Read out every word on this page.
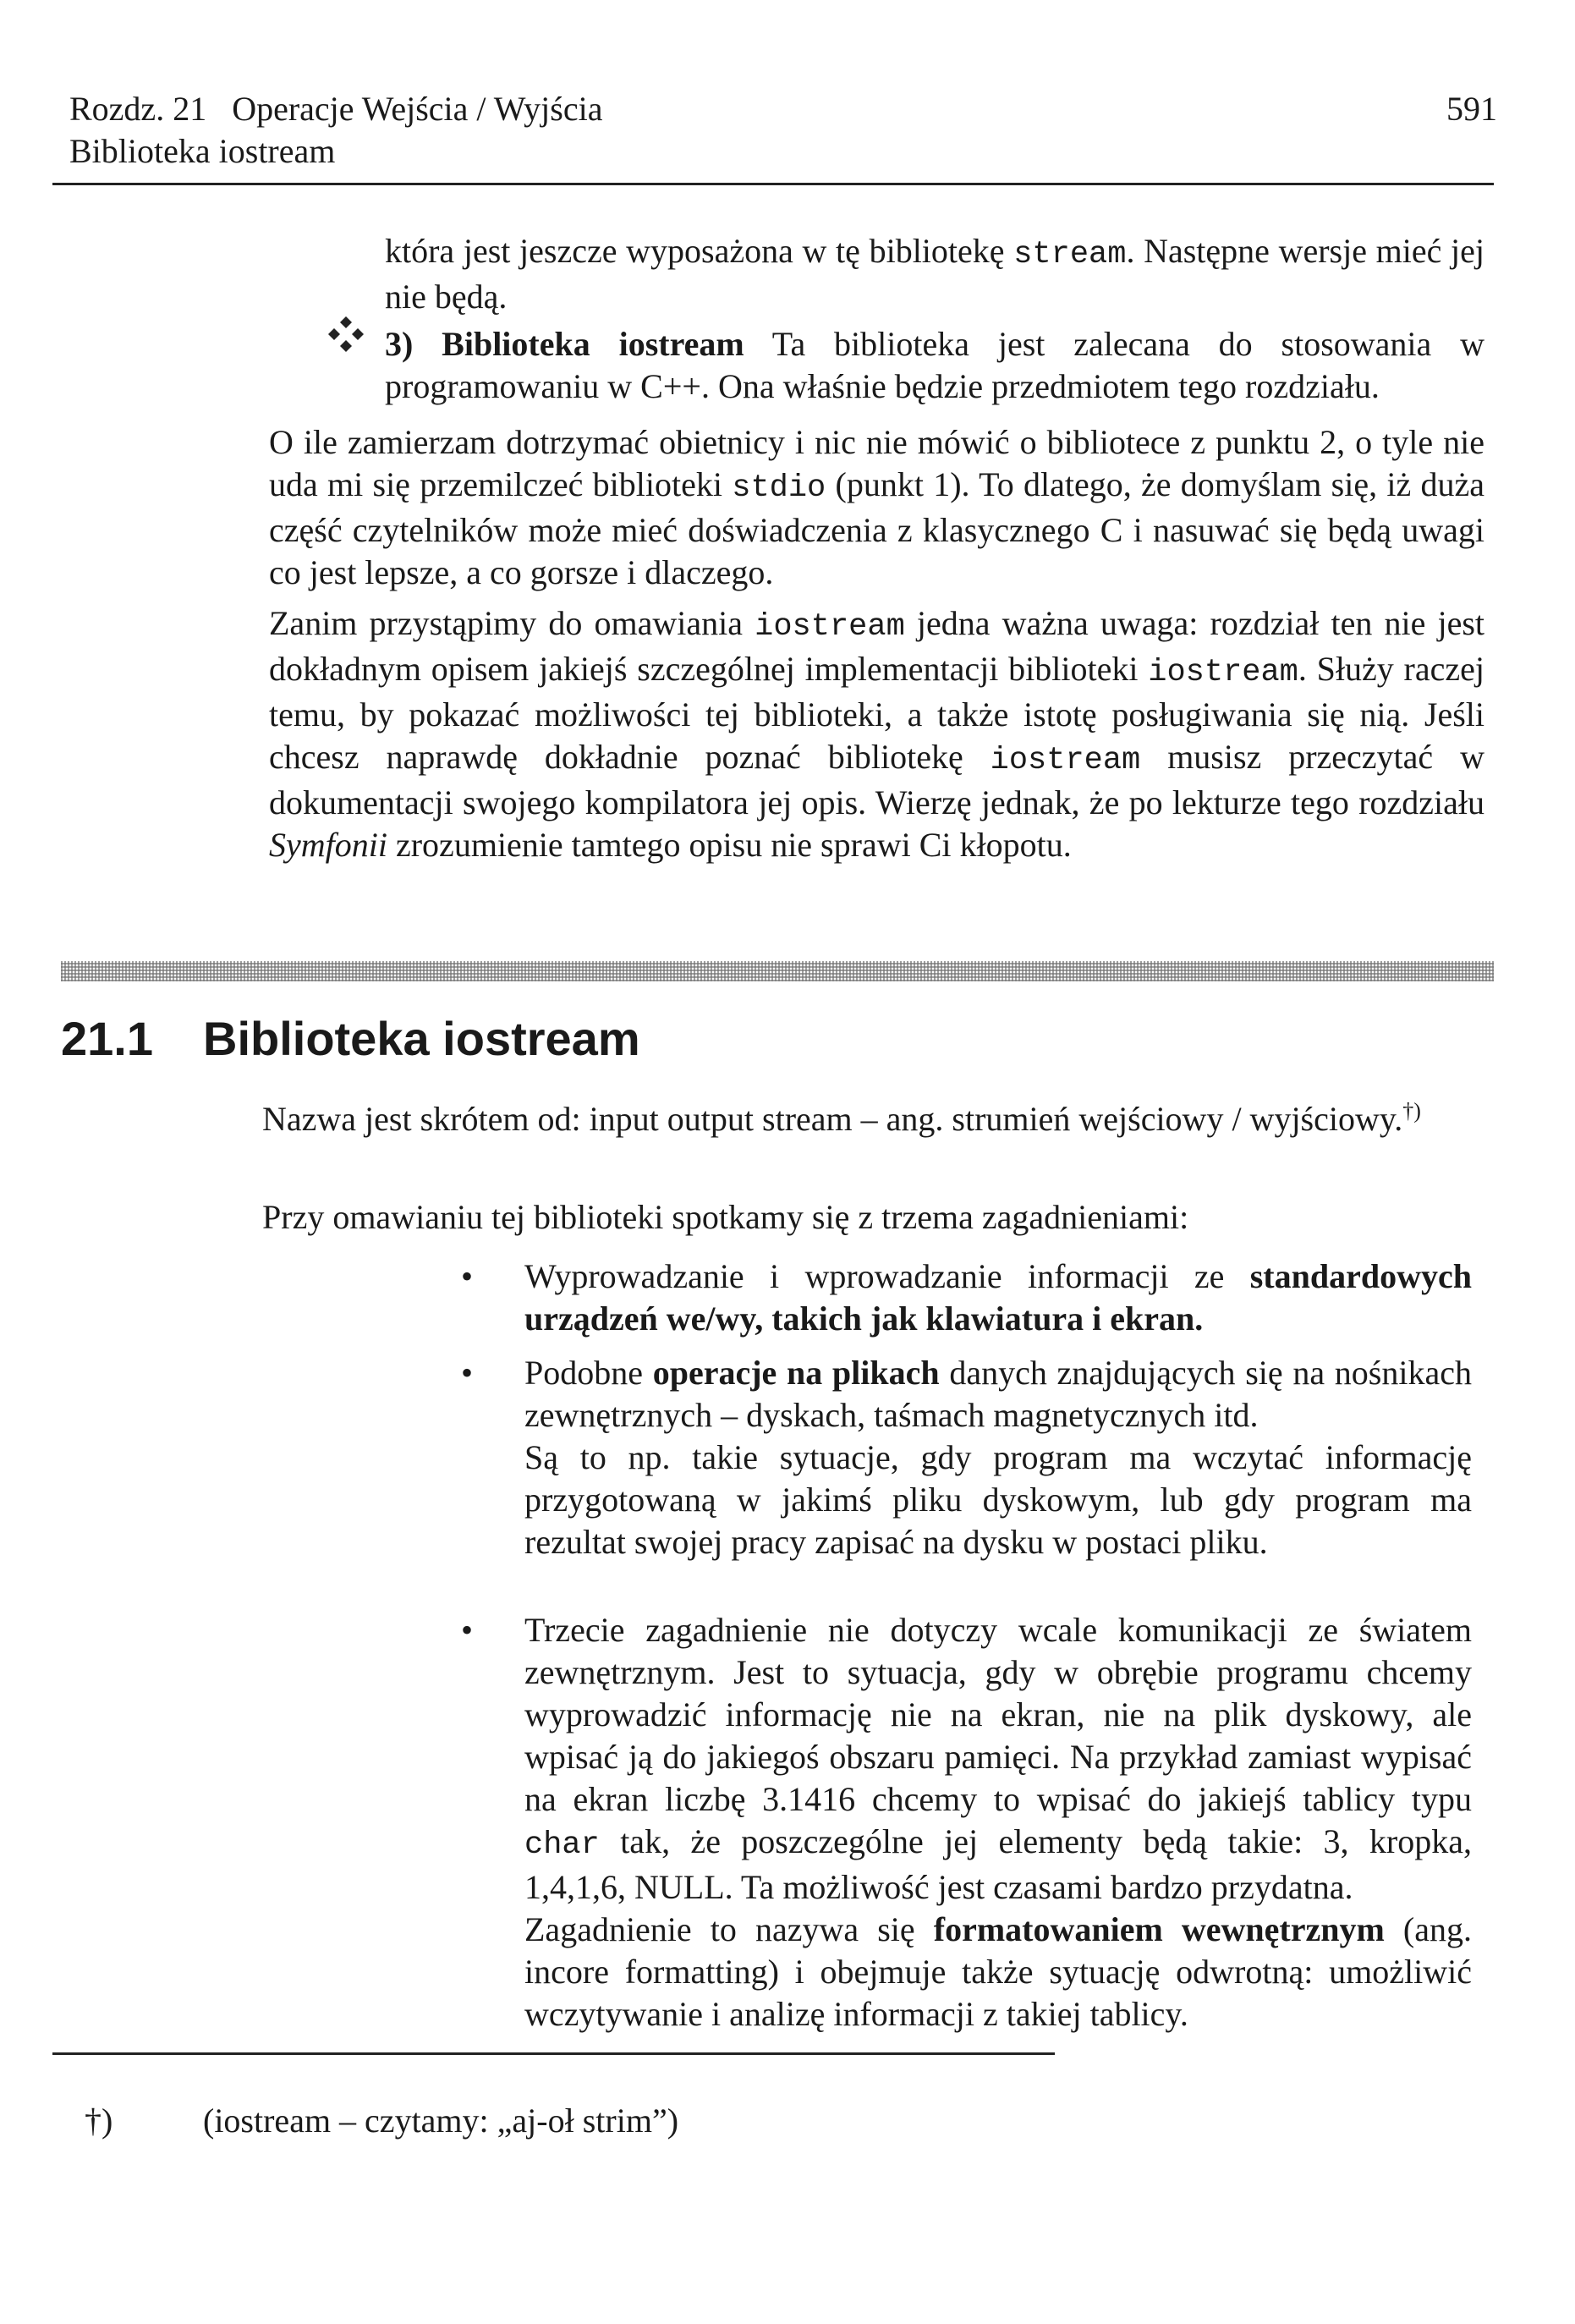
Rozdz. 21 Operacje Wejścia / Wyjścia
Biblioteka iostream
591
która jest jeszcze wyposażona w tę bibliotekę stream. Następne wersje mieć jej nie będą.
3) Biblioteka iostream Ta biblioteka jest zalecana do stosowania w programowaniu w C++. Ona właśnie będzie przedmiotem tego rozdziału.
O ile zamierzam dotrzymać obietnicy i nic nie mówić o bibliotece z punktu 2, o tyle nie uda mi się przemilczeć biblioteki stdio (punkt 1). To dlatego, że domyślam się, iż duża część czytelników może mieć doświadczenia z klasycznego C i nasuwać się będą uwagi co jest lepsze, a co gorsze i dlaczego.
Zanim przystąpimy do omawiania iostream jedna ważna uwaga: rozdział ten nie jest dokładnym opisem jakiejś szczególnej implementacji biblioteki iostream. Służy raczej temu, by pokazać możliwości tej biblioteki, a także istotę posługiwania się nią. Jeśli chcesz naprawdę dokładnie poznać bibliotekę iostream musisz przeczytać w dokumentacji swojego kompilatora jej opis. Wierzę jednak, że po lekturze tego rozdziału Symfonii zrozumienie tamtego opisu nie sprawi Ci kłopotu.
21.1 Biblioteka iostream
Nazwa jest skrótem od: input output stream – ang. strumień wejściowy / wyjściowy.†)
Przy omawianiu tej biblioteki spotkamy się z trzema zagadnieniami:
• Wyprowadzanie i wprowadzanie informacji ze standardowych urządzeń we/wy, takich jak klawiatura i ekran.
• Podobne operacje na plikach danych znajdujących się na nośnikach zewnętrznych – dyskach, taśmach magnetycznych itd.
Są to np. takie sytuacje, gdy program ma wczytać informację przygotowaną w jakimś pliku dyskowym, lub gdy program ma rezultat swojej pracy zapisać na dysku w postaci pliku.
• Trzecie zagadnienie nie dotyczy wcale komunikacji ze światem zewnętrznym. Jest to sytuacja, gdy w obrębie programu chcemy wyprowadzić informację nie na ekran, nie na plik dyskowy, ale wpisać ją do jakiegoś obszaru pamięci. Na przykład zamiast wypisać na ekran liczbę 3.1416 chcemy to wpisać do jakiejś tablicy typu char tak, że poszczególne jej elementy będą takie: 3, kropka, 1,4,1,6, NULL. Ta możliwość jest czasami bardzo przydatna.
Zagadnienie to nazywa się formatowaniem wewnętrznym (ang. incore formatting) i obejmuje także sytuację odwrotną: umożliwić wczytywanie i analizę informacji z takiej tablicy.
†)	(iostream – czytamy: „aj-oł strim”)
